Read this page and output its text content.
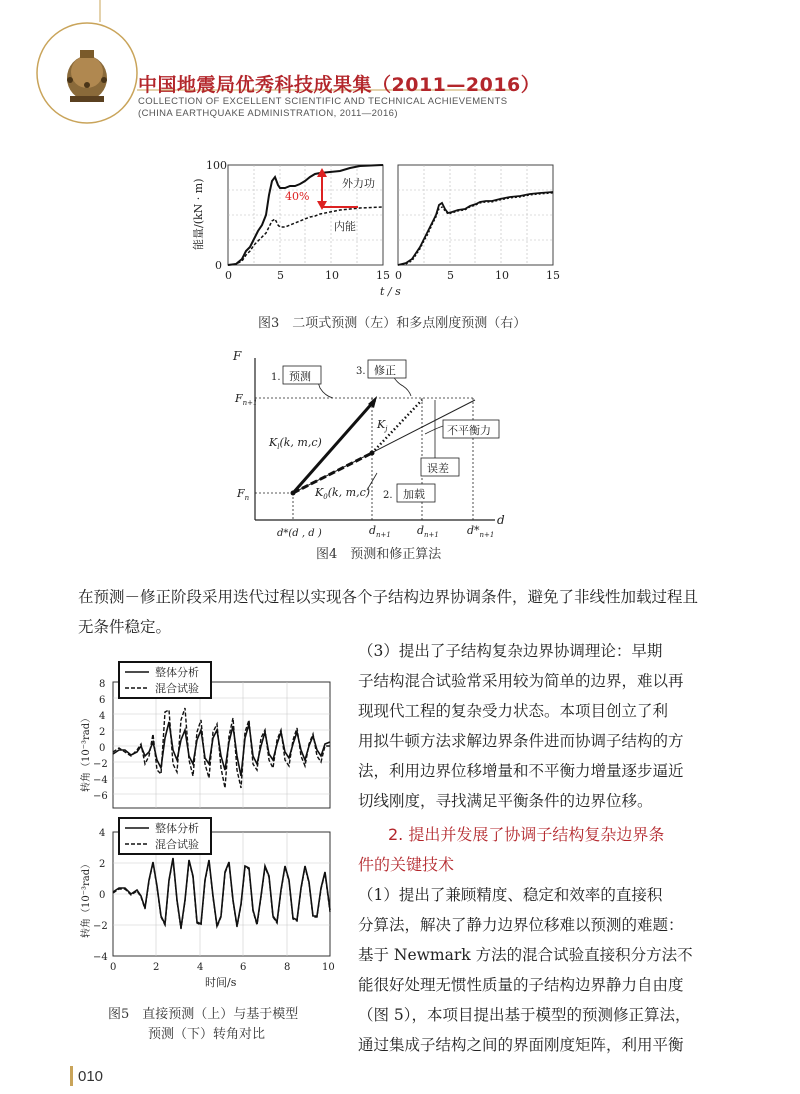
中国地震局优秀科技成果集（2011—2016）
COLLECTION OF EXCELLENT SCIENTIFIC AND TECHNICAL ACHIEVEMENTS
(CHINA EARTHQUAKE ADMINISTRATION, 2011—2016)
40%
外力功
内能
能量/(kN · m)
100
0
0	5	10	15 0	5	10	15
t / s
图3　二项式预测（左）和多点刚度预测（右）
F
d
预测
1.
修正
3.
不平衡力
误差
加载
2.
$F_{n+1}$
$F_n$
$K_l(k$, m,c)
$K_0(k$, m,c)
$K_j$
d*(d , d )	$d_{n+1}$ $d_{n+1}$	$d*_{n+1}$
图4　预测和修正算法
在预测－修正阶段采用迭代过程以实现各个子结构边界协调条件，避免了非线性加载过程且
无条件稳定。
（3）提出了子结构复杂边界协调理论：早期
子结构混合试验常采用较为简单的边界，难以再
现现代工程的复杂受力状态。本项目创立了利
用拟牛顿方法求解边界条件进而协调子结构的方
法，利用边界位移增量和不平衡力增量逐步逼近
切线刚度，寻找满足平衡条件的边界位移。
2. 提出并发展了协调子结构复杂边界条
件的关键技术
（1）提出了兼顾精度、稳定和效率的直接积
分算法，解决了静力边界位移难以预测的难题：
基于 Newmark 方法的混合试验直接积分方法不
能很好处理无惯性质量的子结构边界静力自由度
（图 5），本项目提出基于模型的预测修正算法，
通过集成子结构之间的界面刚度矩阵，利用平衡
8
6
4
2
0
−2
−4
−6
整体分析
混合试验
转角（10⁻³rad）
4
2
0
−2
−4
整体分析
混合试验
转角（10⁻³rad）
0	2	4	6	8	10
时间/s
图5　直接预测（上）与基于模型
预测（下）转角对比
010
